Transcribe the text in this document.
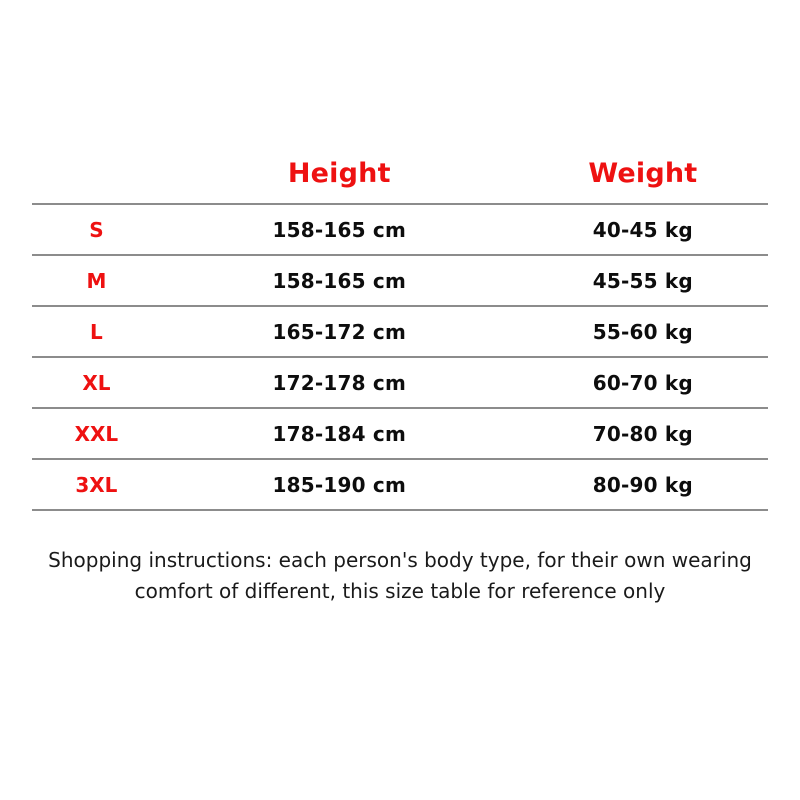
	Height	Weight
S	158-165 cm	40-45 kg
M	158-165 cm	45-55 kg
L	165-172 cm	55-60 kg
XL	172-178 cm	60-70 kg
XXL	178-184 cm	70-80 kg
3XL	185-190 cm	80-90 kg
Shopping instructions: each person's body type, for their own wearing
comfort of different, this size table for reference only
